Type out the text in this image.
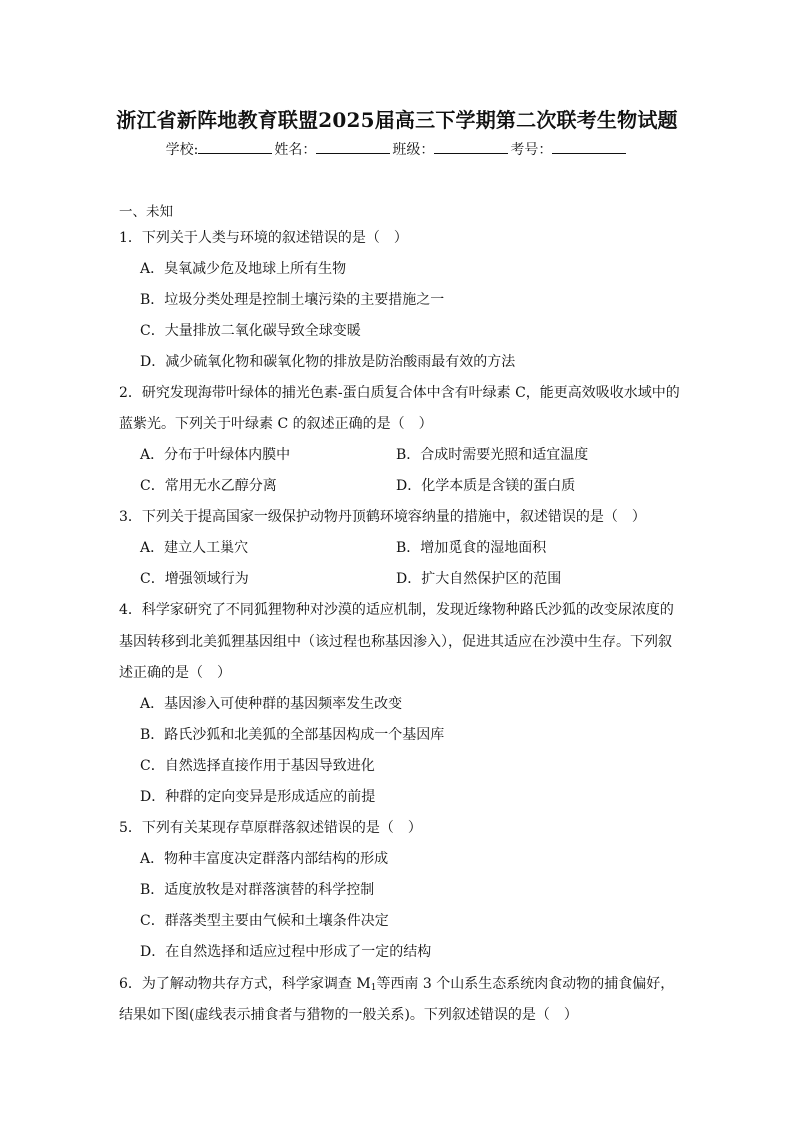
浙江省新阵地教育联盟2025届高三下学期第二次联考生物试题
学校:	姓名：	班级：	考号：
一、未知
1．下列关于人类与环境的叙述错误的是（　）
A．臭氧减少危及地球上所有生物
B．垃圾分类处理是控制土壤污染的主要措施之一
C．大量排放二氧化碳导致全球变暖
D．减少硫氧化物和碳氧化物的排放是防治酸雨最有效的方法
2．研究发现海带叶绿体的捕光色素-蛋白质复合体中含有叶绿素 C，能更高效吸收水域中的
蓝紫光。下列关于叶绿素 C 的叙述正确的是（　）
A．分布于叶绿体内膜中	B．合成时需要光照和适宜温度
C．常用无水乙醇分离	D．化学本质是含镁的蛋白质
3．下列关于提高国家一级保护动物丹顶鹤环境容纳量的措施中，叙述错误的是（　）
A．建立人工巢穴	B．增加觅食的湿地面积
C．增强领域行为	D．扩大自然保护区的范围
4．科学家研究了不同狐狸物种对沙漠的适应机制，发现近缘物种路氏沙狐的改变尿浓度的
基因转移到北美狐狸基因组中（该过程也称基因渗入），促进其适应在沙漠中生存。下列叙
述正确的是（　）
A．基因渗入可使种群的基因频率发生改变
B．路氏沙狐和北美狐的全部基因构成一个基因库
C．自然选择直接作用于基因导致进化
D．种群的定向变异是形成适应的前提
5．下列有关某现存草原群落叙述错误的是（　）
A．物种丰富度决定群落内部结构的形成
B．适度放牧是对群落演替的科学控制
C．群落类型主要由气候和土壤条件决定
D．在自然选择和适应过程中形成了一定的结构
6．为了解动物共存方式，科学家调查 $M_1$等西南 3 个山系生态系统肉食动物的捕食偏好，
结果如下图(虚线表示捕食者与猎物的一般关系)。下列叙述错误的是（　）
